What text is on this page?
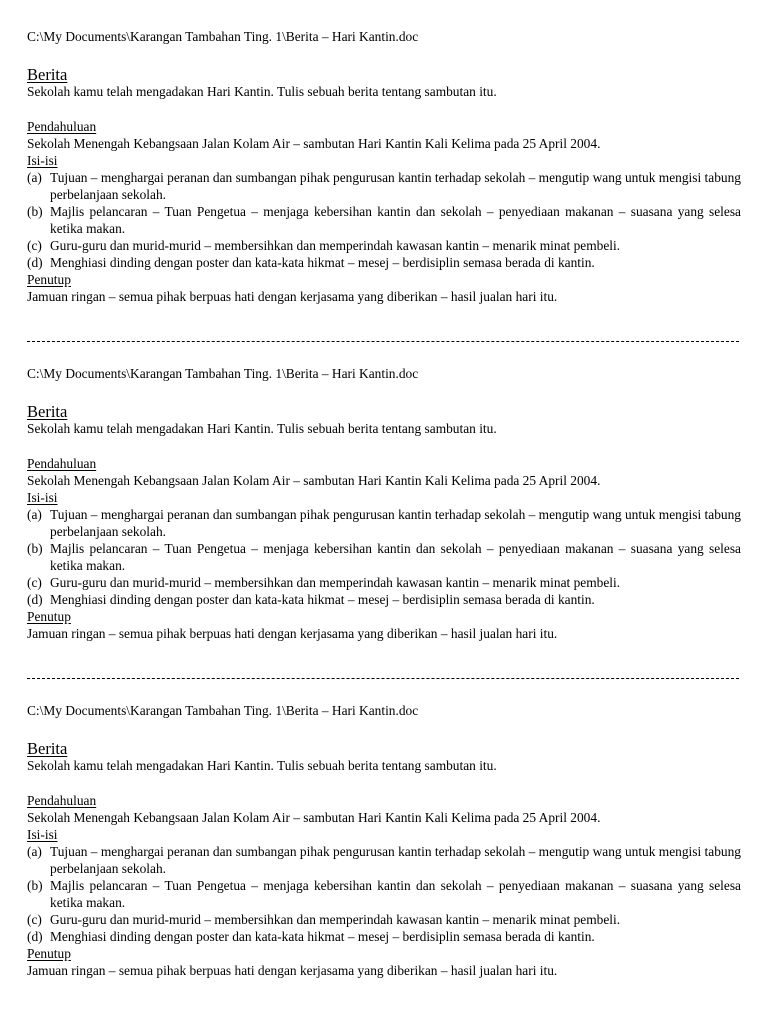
C:\My Documents\Karangan Tambahan Ting. 1\Berita – Hari Kantin.doc
Berita
Sekolah kamu telah mengadakan Hari Kantin. Tulis sebuah berita tentang sambutan itu.
Pendahuluan
Sekolah Menengah Kebangsaan Jalan Kolam Air – sambutan Hari Kantin Kali Kelima pada 25 April 2004.
Isi-isi
(a) Tujuan – menghargai peranan dan sumbangan pihak pengurusan kantin terhadap sekolah – mengutip wang untuk mengisi tabung perbelanjaan sekolah.
(b) Majlis pelancaran – Tuan Pengetua – menjaga kebersihan kantin dan sekolah – penyediaan makanan – suasana yang selesa ketika makan.
(c) Guru-guru dan murid-murid – membersihkan dan memperindah kawasan kantin – menarik minat pembeli.
(d) Menghiasi dinding dengan poster dan kata-kata hikmat – mesej – berdisiplin semasa berada di kantin.
Penutup
Jamuan ringan – semua pihak berpuas hati dengan kerjasama yang diberikan – hasil jualan hari itu.
C:\My Documents\Karangan Tambahan Ting. 1\Berita – Hari Kantin.doc
Berita
Sekolah kamu telah mengadakan Hari Kantin. Tulis sebuah berita tentang sambutan itu.
Pendahuluan
Sekolah Menengah Kebangsaan Jalan Kolam Air – sambutan Hari Kantin Kali Kelima pada 25 April 2004.
Isi-isi
(a) Tujuan – menghargai peranan dan sumbangan pihak pengurusan kantin terhadap sekolah – mengutip wang untuk mengisi tabung perbelanjaan sekolah.
(b) Majlis pelancaran – Tuan Pengetua – menjaga kebersihan kantin dan sekolah – penyediaan makanan – suasana yang selesa ketika makan.
(c) Guru-guru dan murid-murid – membersihkan dan memperindah kawasan kantin – menarik minat pembeli.
(d) Menghiasi dinding dengan poster dan kata-kata hikmat – mesej – berdisiplin semasa berada di kantin.
Penutup
Jamuan ringan – semua pihak berpuas hati dengan kerjasama yang diberikan – hasil jualan hari itu.
C:\My Documents\Karangan Tambahan Ting. 1\Berita – Hari Kantin.doc
Berita
Sekolah kamu telah mengadakan Hari Kantin. Tulis sebuah berita tentang sambutan itu.
Pendahuluan
Sekolah Menengah Kebangsaan Jalan Kolam Air – sambutan Hari Kantin Kali Kelima pada 25 April 2004.
Isi-isi
(a) Tujuan – menghargai peranan dan sumbangan pihak pengurusan kantin terhadap sekolah – mengutip wang untuk mengisi tabung perbelanjaan sekolah.
(b) Majlis pelancaran – Tuan Pengetua – menjaga kebersihan kantin dan sekolah – penyediaan makanan – suasana yang selesa ketika makan.
(c) Guru-guru dan murid-murid – membersihkan dan memperindah kawasan kantin – menarik minat pembeli.
(d) Menghiasi dinding dengan poster dan kata-kata hikmat – mesej – berdisiplin semasa berada di kantin.
Penutup
Jamuan ringan – semua pihak berpuas hati dengan kerjasama yang diberikan – hasil jualan hari itu.
